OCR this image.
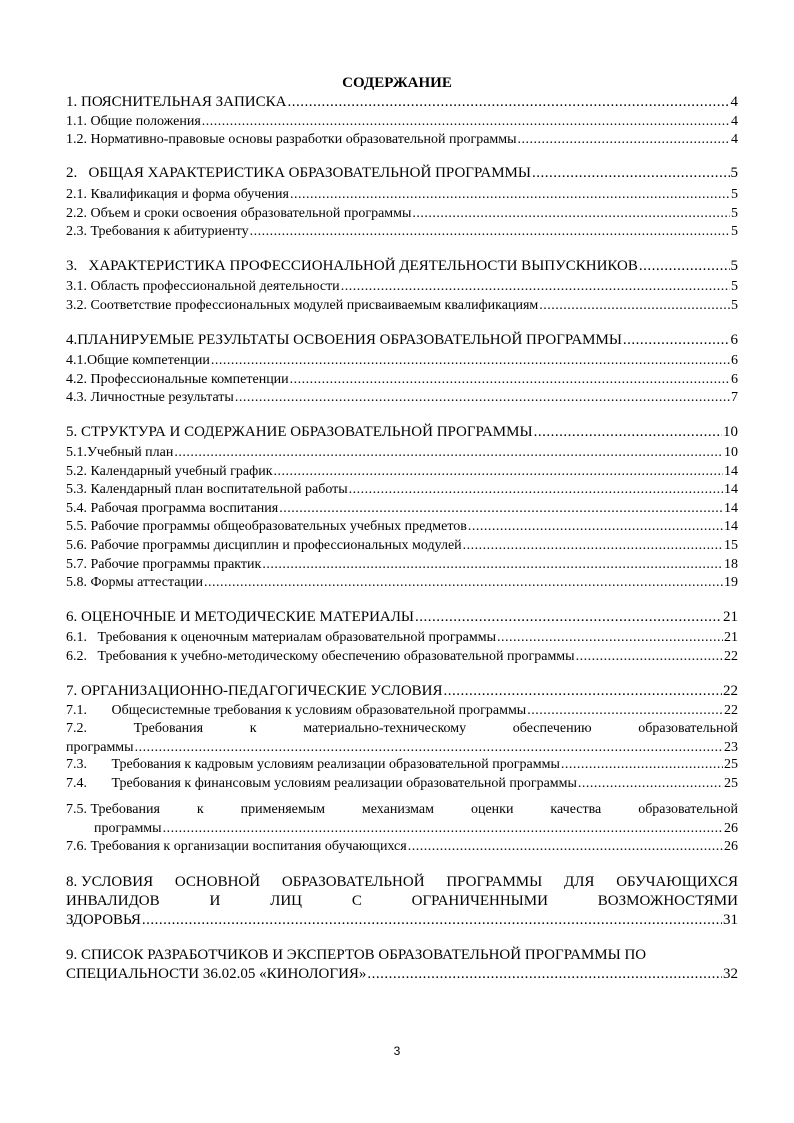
СОДЕРЖАНИЕ
1. ПОЯСНИТЕЛЬНАЯ ЗАПИСКА .....	4
1.1. Общие положения .....	4
1.2. Нормативно-правовые основы разработки образовательной программы .....	4
2.   ОБЩАЯ ХАРАКТЕРИСТИКА ОБРАЗОВАТЕЛЬНОЙ ПРОГРАММЫ .....	5
2.1. Квалификация и форма обучения .....	5
2.2. Объем и сроки освоения образовательной программы .....	5
2.3. Требования к абитуриенту .....	5
3.   ХАРАКТЕРИСТИКА ПРОФЕССИОНАЛЬНОЙ ДЕЯТЕЛЬНОСТИ ВЫПУСКНИКОВ .....	5
3.1. Область профессиональной деятельности .....	5
3.2. Соответствие профессиональных модулей присваиваемым квалификациям .....	5
4.ПЛАНИРУЕМЫЕ РЕЗУЛЬТАТЫ ОСВОЕНИЯ ОБРАЗОВАТЕЛЬНОЙ ПРОГРАММЫ .....	6
4.1.Общие компетенции .....	6
4.2. Профессиональные компетенции .....	6
4.3. Личностные результаты .....	7
5. СТРУКТУРА И СОДЕРЖАНИЕ ОБРАЗОВАТЕЛЬНОЙ ПРОГРАММЫ .....	10
5.1.Учебный план .....	10
5.2. Календарный учебный график .....	14
5.3. Календарный план воспитательной работы .....	14
5.4. Рабочая программа воспитания .....	14
5.5. Рабочие программы общеобразовательных учебных предметов .....	14
5.6. Рабочие программы дисциплин и профессиональных модулей .....	15
5.7. Рабочие программы практик .....	18
5.8. Формы аттестации .....	19
6. ОЦЕНОЧНЫЕ И МЕТОДИЧЕСКИЕ МАТЕРИАЛЫ .....	21
6.1.   Требования к оценочным материалам образовательной программы .....	21
6.2.   Требования к учебно-методическому обеспечению образовательной программы .....	22
7. ОРГАНИЗАЦИОННО-ПЕДАГОГИЧЕСКИЕ УСЛОВИЯ .....	22
7.1.       Общесистемные требования к условиям образовательной программы .....	22
7.2.	Требования	к	материально-техническому	обеспечению	образовательной
программы .....	23
7.3.       Требования к кадровым условиям реализации образовательной программы .....	25
7.4.       Требования к финансовым условиям реализации образовательной программы .....	25
7.5. Требования	к	применяемым	механизмам	оценки	качества	образовательной
программы .....	26
7.6. Требования к организации воспитания обучающихся .....	26
8. УСЛОВИЯ ОСНОВНОЙ ОБРАЗОВАТЕЛЬНОЙ ПРОГРАММЫ ДЛЯ ОБУЧАЮЩИХСЯ
ИНВАЛИДОВ	И	ЛИЦ	С	ОГРАНИЧЕННЫМИ	ВОЗМОЖНОСТЯМИ
ЗДОРОВЬЯ .....	31
9. СПИСОК РАЗРАБОТЧИКОВ И ЭКСПЕРТОВ ОБРАЗОВАТЕЛЬНОЙ ПРОГРАММЫ ПО
СПЕЦИАЛЬНОСТИ 36.02.05 «КИНОЛОГИЯ» .....	32
3
